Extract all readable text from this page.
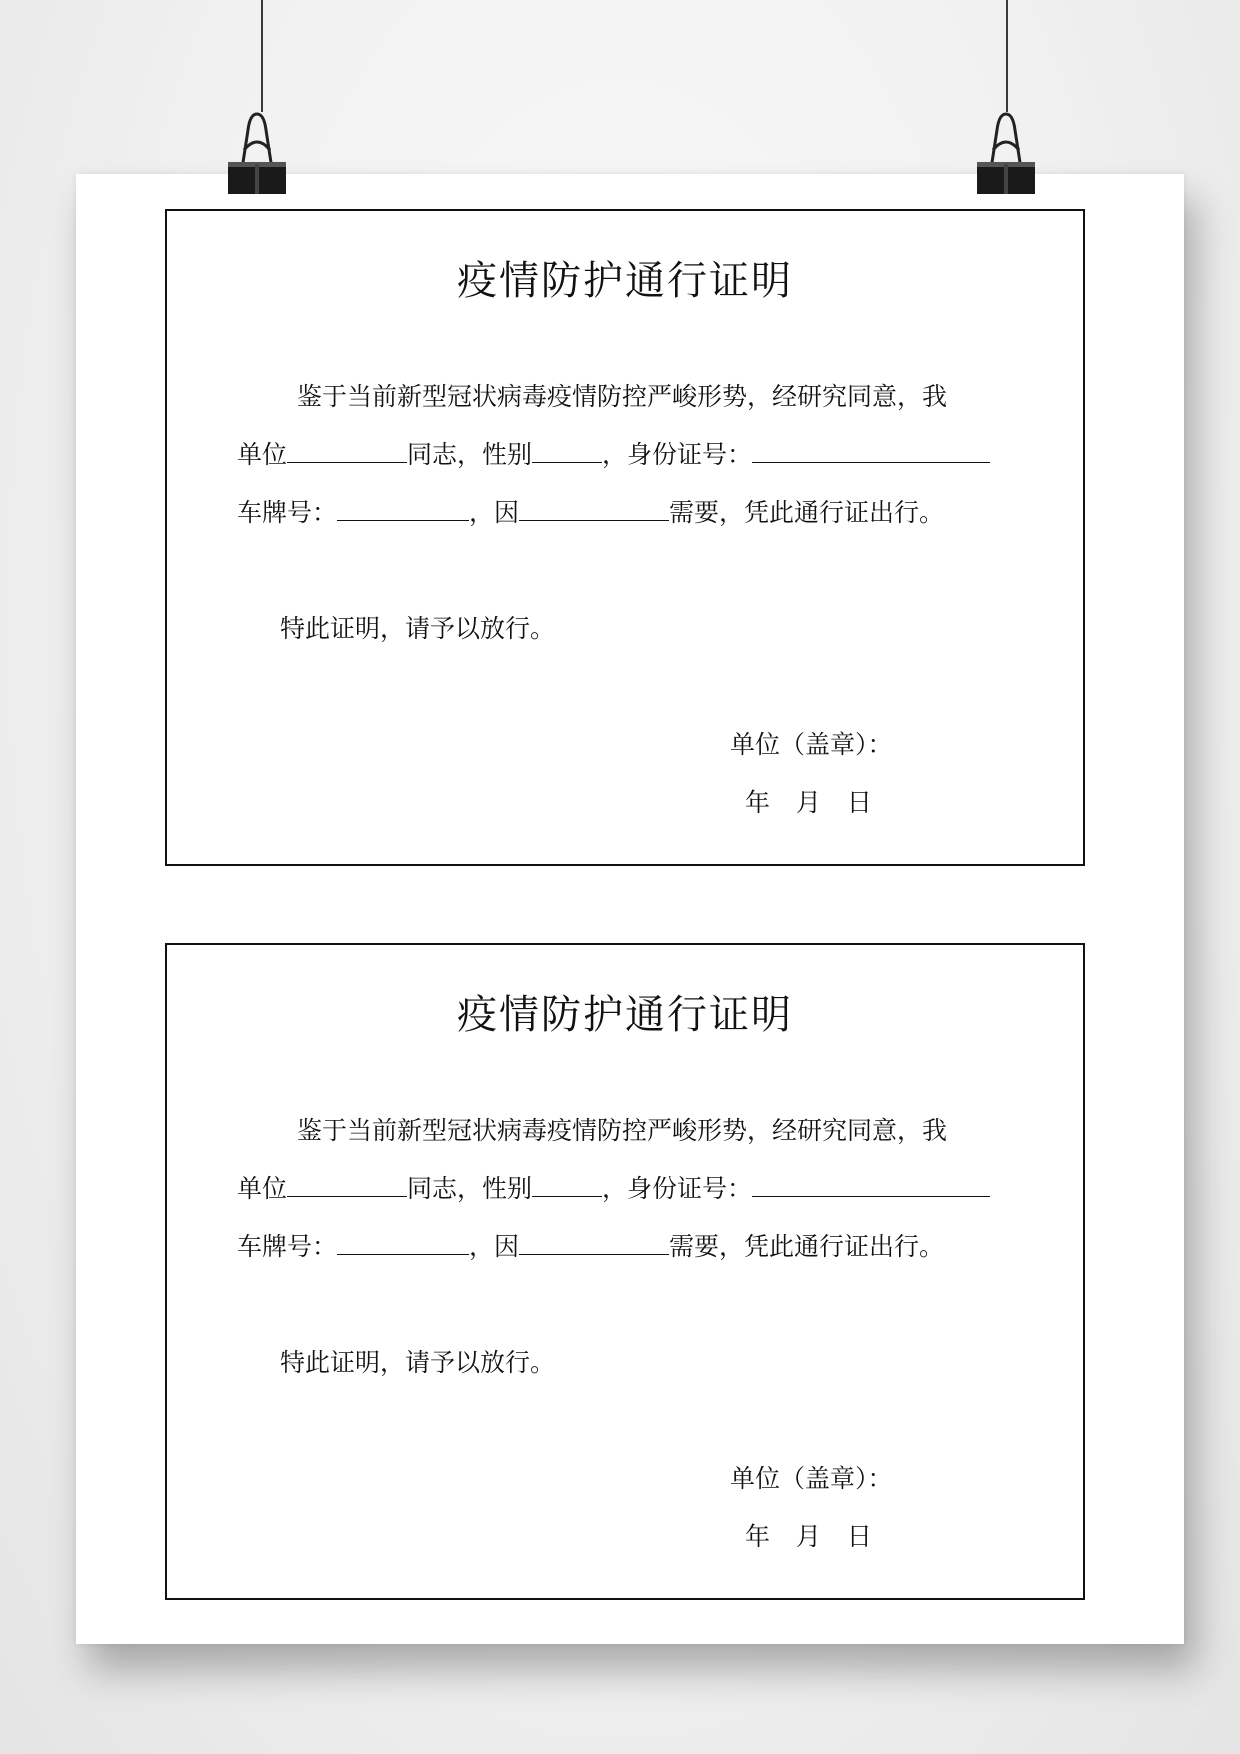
疫情防护通行证明
鉴于当前新型冠状病毒疫情防控严峻形势，经研究同意，我
单位	同志，性别	，身份证号：
车牌号：	，因	需要，凭此通行证出行。
特此证明，请予以放行。
单位（盖章）：
年 月 日
疫情防护通行证明
鉴于当前新型冠状病毒疫情防控严峻形势，经研究同意，我
单位	同志，性别	，身份证号：
车牌号：	，因	需要，凭此通行证出行。
特此证明，请予以放行。
单位（盖章）：
年 月 日
